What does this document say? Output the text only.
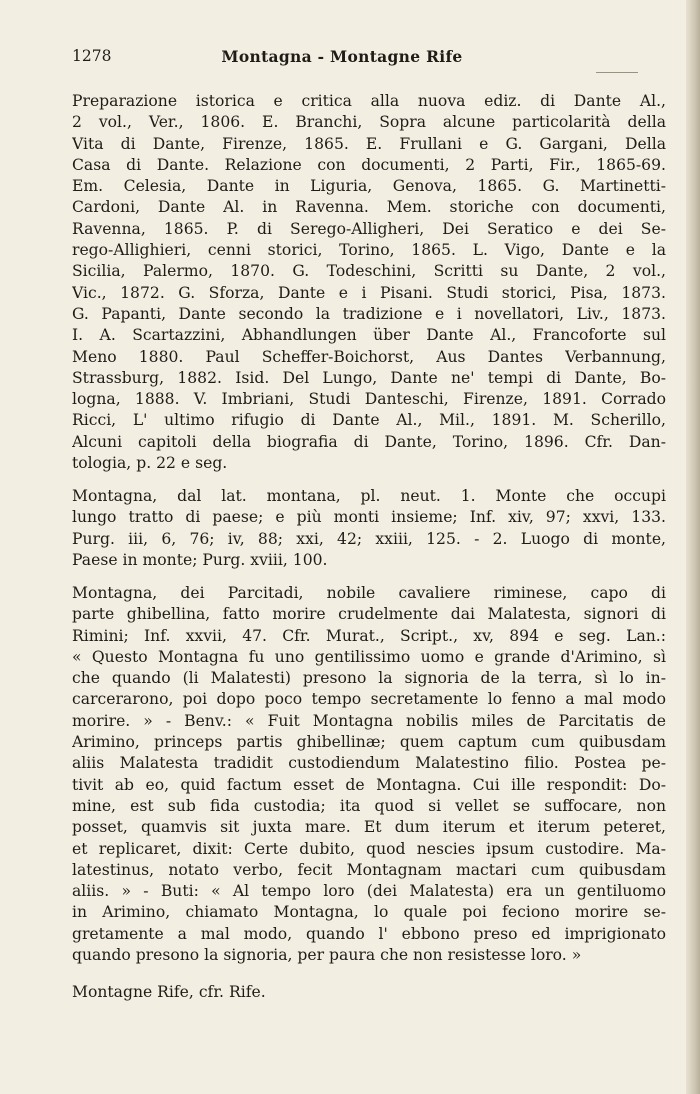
1278	Montagna - Montagne Rife
Preparazione istorica e critica alla nuova ediz. di Dante Al.,
2 vol., Ver., 1806. E. Branchi, Sopra alcune particolarità della
Vita di Dante, Firenze, 1865. E. Frullani e G. Gargani, Della
Casa di Dante. Relazione con documenti, 2 Parti, Fir., 1865-69.
Em. Celesia, Dante in Liguria, Genova, 1865. G. Martinetti-
Cardoni, Dante Al. in Ravenna. Mem. storiche con documenti,
Ravenna, 1865. P. di Serego-Alligheri, Dei Seratico e dei Se-
rego-Allighieri, cenni storici, Torino, 1865. L. Vigo, Dante e la
Sicilia, Palermo, 1870. G. Todeschini, Scritti su Dante, 2 vol.,
Vic., 1872. G. Sforza, Dante e i Pisani. Studi storici, Pisa, 1873.
G. Papanti, Dante secondo la tradizione e i novellatori, Liv., 1873.
I. A. Scartazzini, Abhandlungen über Dante Al., Francoforte sul
Meno 1880. Paul Scheffer-Boichorst, Aus Dantes Verbannung,
Strassburg, 1882. Isid. Del Lungo, Dante ne' tempi di Dante, Bo-
logna, 1888. V. Imbriani, Studi Danteschi, Firenze, 1891. Corrado
Ricci, L' ultimo rifugio di Dante Al., Mil., 1891. M. Scherillo,
Alcuni capitoli della biografia di Dante, Torino, 1896. Cfr. Dan-
tologia, p. 22 e seg.
Montagna, dal lat. montana, pl. neut. 1. Monte che occupi
lungo tratto di paese; e più monti insieme; Inf. xiv, 97; xxvi, 133.
Purg. iii, 6, 76; iv, 88; xxi, 42; xxiii, 125. - 2. Luogo di monte,
Paese in monte; Purg. xviii, 100.
Montagna, dei Parcitadi, nobile cavaliere riminese, capo di
parte ghibellina, fatto morire crudelmente dai Malatesta, signori di
Rimini; Inf. xxvii, 47. Cfr. Murat., Script., xv, 894 e seg. Lan.:
« Questo Montagna fu uno gentilissimo uomo e grande d'Arimino, sì
che quando (li Malatesti) presono la signoria de la terra, sì lo in-
carcerarono, poi dopo poco tempo secretamente lo fenno a mal modo
morire. » - Benv.: « Fuit Montagna nobilis miles de Parcitatis de
Arimino, princeps partis ghibellinæ; quem captum cum quibusdam
aliis Malatesta tradidit custodiendum Malatestino filio. Postea pe-
tivit ab eo, quid factum esset de Montagna. Cui ille respondit: Do-
mine, est sub fida custodia; ita quod si vellet se suffocare, non
posset, quamvis sit juxta mare. Et dum iterum et iterum peteret,
et replicaret, dixit: Certe dubito, quod nescies ipsum custodire. Ma-
latestinus, notato verbo, fecit Montagnam mactari cum quibusdam
aliis. » - Buti: « Al tempo loro (dei Malatesta) era un gentiluomo
in Arimino, chiamato Montagna, lo quale poi feciono morire se-
gretamente a mal modo, quando l' ebbono preso ed imprigionato
quando presono la signoria, per paura che non resistesse loro. »
Montagne Rife, cfr. Rife.
